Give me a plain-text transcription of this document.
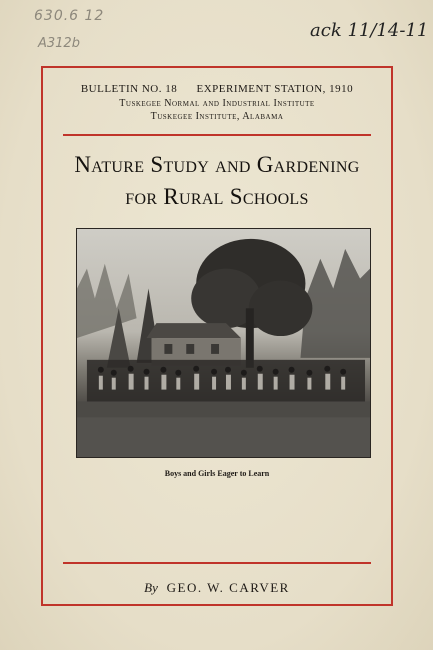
630.6 12
A312b
ack 11/14-11
BULLETIN NO. 18 EXPERIMENT STATION, 1910
Tuskegee Normal and Industrial Institute
Tuskegee Institute, Alabama
Nature Study and Gardening
for Rural Schools
Boys and Girls Eager to Learn
By GEO. W. CARVER
